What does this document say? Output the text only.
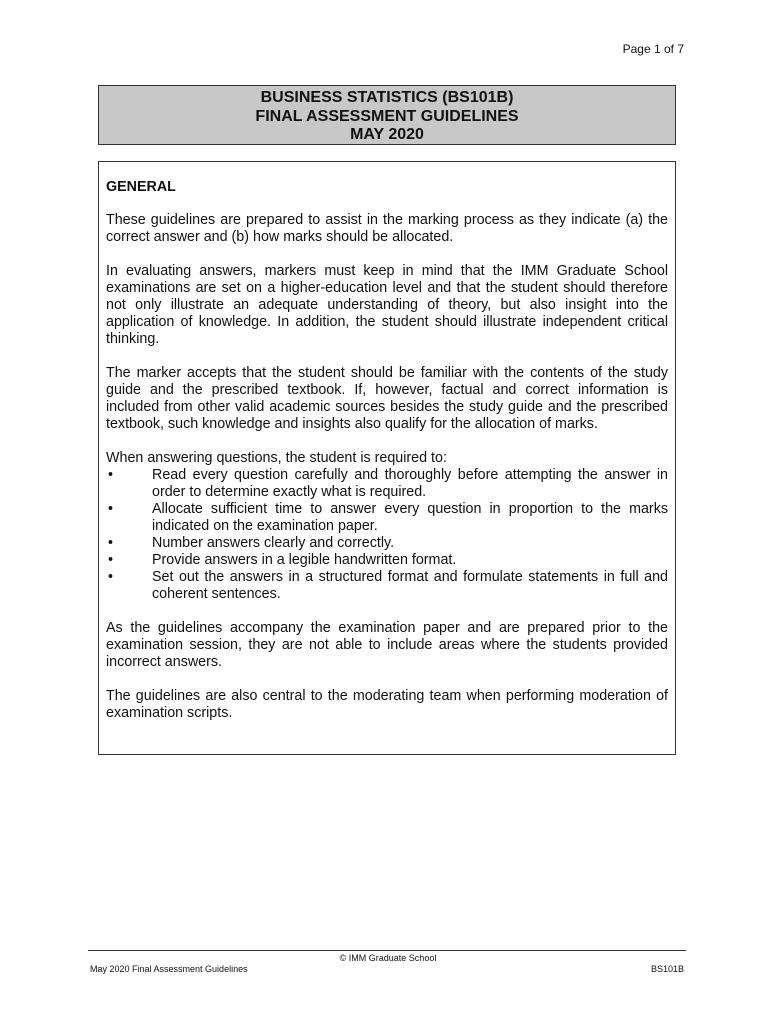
Page 1 of 7
BUSINESS STATISTICS (BS101B)
FINAL ASSESSMENT GUIDELINES
MAY 2020
GENERAL

These guidelines are prepared to assist in the marking process as they indicate (a) the correct answer and (b) how marks should be allocated.

In evaluating answers, markers must keep in mind that the IMM Graduate School examinations are set on a higher-education level and that the student should therefore not only illustrate an adequate understanding of theory, but also insight into the application of knowledge. In addition, the student should illustrate independent critical thinking.

The marker accepts that the student should be familiar with the contents of the study guide and the prescribed textbook. If, however, factual and correct information is included from other valid academic sources besides the study guide and the prescribed textbook, such knowledge and insights also qualify for the allocation of marks.

When answering questions, the student is required to:

•	Read every question carefully and thoroughly before attempting the answer in order to determine exactly what is required.
•	Allocate sufficient time to answer every question in proportion to the marks indicated on the examination paper.
•	Number answers clearly and correctly.
•	Provide answers in a legible handwritten format.
•	Set out the answers in a structured format and formulate statements in full and coherent sentences.

As the guidelines accompany the examination paper and are prepared prior to the examination session, they are not able to include areas where the students provided incorrect answers.

The guidelines are also central to the moderating team when performing moderation of examination scripts.

© IMM Graduate School
May 2020 Final Assessment Guidelines	BS101B
